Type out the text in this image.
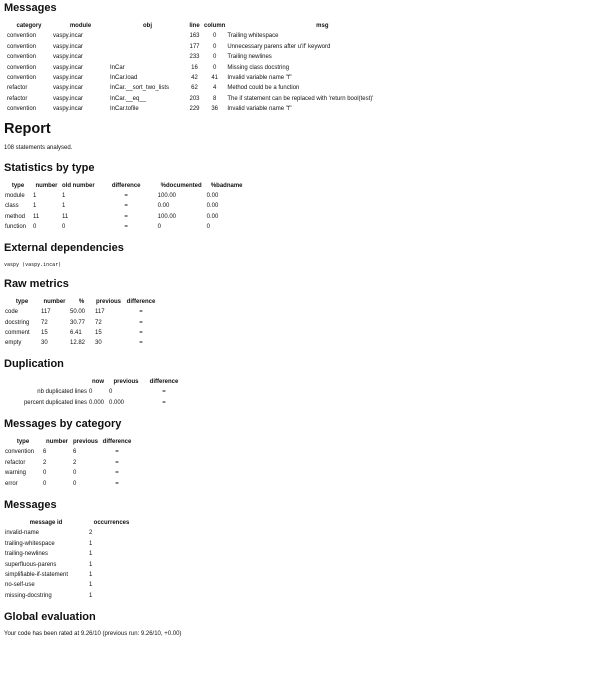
Messages
category	module	obj	line	column	msg
convention	vaspy.incar		163	0	Trailing whitespace
convention	vaspy.incar		177	0	Unnecessary parens after u'if' keyword
convention	vaspy.incar		233	0	Trailing newlines
convention	vaspy.incar	InCar	16	0	Missing class docstring
convention	vaspy.incar	InCar.load	42	41	Invalid variable name "f"
refactor	vaspy.incar	InCar.__sort_two_lists	62	4	Method could be a function
refactor	vaspy.incar	InCar.__eq__	203	8	The if statement can be replaced with 'return bool(test)'
convention	vaspy.incar	InCar.tofile	229	36	Invalid variable name "f"
Report

108 statements analysed.

Statistics by type
type	number	old number	difference	%documented	%badname
module	1	1	=	100.00	0.00
class	1	1	=	0.00	0.00
method	11	11	=	100.00	0.00
function	0	0	=	0	0
External dependencies

vaspy (vaspy.incar)

Raw metrics
type	number	%	previous	difference
code	117	50.00	117	=
docstring	72	30.77	72	=
comment	15	6.41	15	=
empty	30	12.82	30	=
Duplication
	now	previous	difference
nb duplicated lines	0	0	=
percent duplicated lines	0.000	0.000	=
Messages by category
type	number	previous	difference
convention	6	6	=
refactor	2	2	=
warning	0	0	=
error	0	0	=
Messages
message id	occurrences
invalid-name	2
trailing-whitespace	1
trailing-newlines	1
superfluous-parens	1
simplifiable-if-statement	1
no-self-use	1
missing-docstring	1
Global evaluation

Your code has been rated at 9.26/10 (previous run: 9.26/10, +0.00)
